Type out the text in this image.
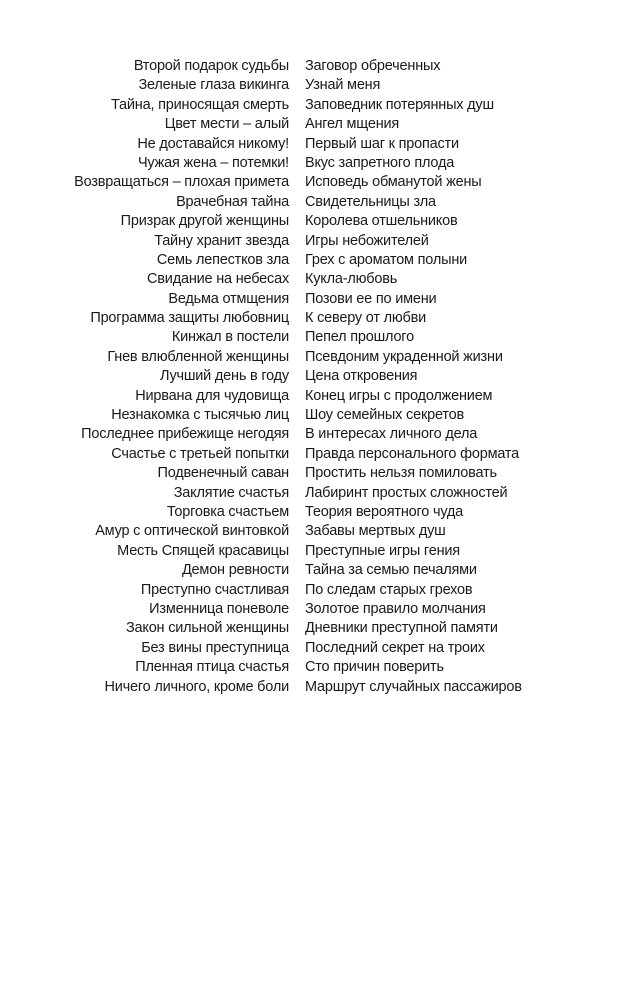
Второй подарок судьбы Заговор обреченных
Зеленые глаза викинга Узнай меня
Тайна, приносящая смерть Заповедник потерянных душ
Цвет мести – алый Ангел мщения
Не доставайся никому! Первый шаг к пропасти
Чужая жена – потемки! Вкус запретного плода
Возвращаться – плохая примета Исповедь обманутой жены
Врачебная тайна Свидетельницы зла
Призрак другой женщины Королева отшельников
Тайну хранит звезда Игры небожителей
Семь лепестков зла Грех с ароматом полыни
Свидание на небесах Кукла-любовь
Ведьма отмщения Позови ее по имени
Программа защиты любовниц К северу от любви
Кинжал в постели Пепел прошлого
Гнев влюбленной женщины Псевдоним украденной жизни
Лучший день в году Цена откровения
Нирвана для чудовища Конец игры с продолжением
Незнакомка с тысячью лиц Шоу семейных секретов
Последнее прибежище негодяя В интересах личного дела
Счастье с третьей попытки Правда персонального формата
Подвенечный саван Простить нельзя помиловать
Заклятие счастья Лабиринт простых сложностей
Торговка счастьем Теория вероятного чуда
Амур с оптической винтовкой Забавы мертвых душ
Месть Спящей красавицы Преступные игры гения
Демон ревности Тайна за семью печалями
Преступно счастливая По следам старых грехов
Изменница поневоле Золотое правило молчания
Закон сильной женщины Дневники преступной памяти
Без вины преступница Последний секрет на троих
Пленная птица счастья Сто причин поверить
Ничего личного, кроме боли Маршрут случайных пассажиров
